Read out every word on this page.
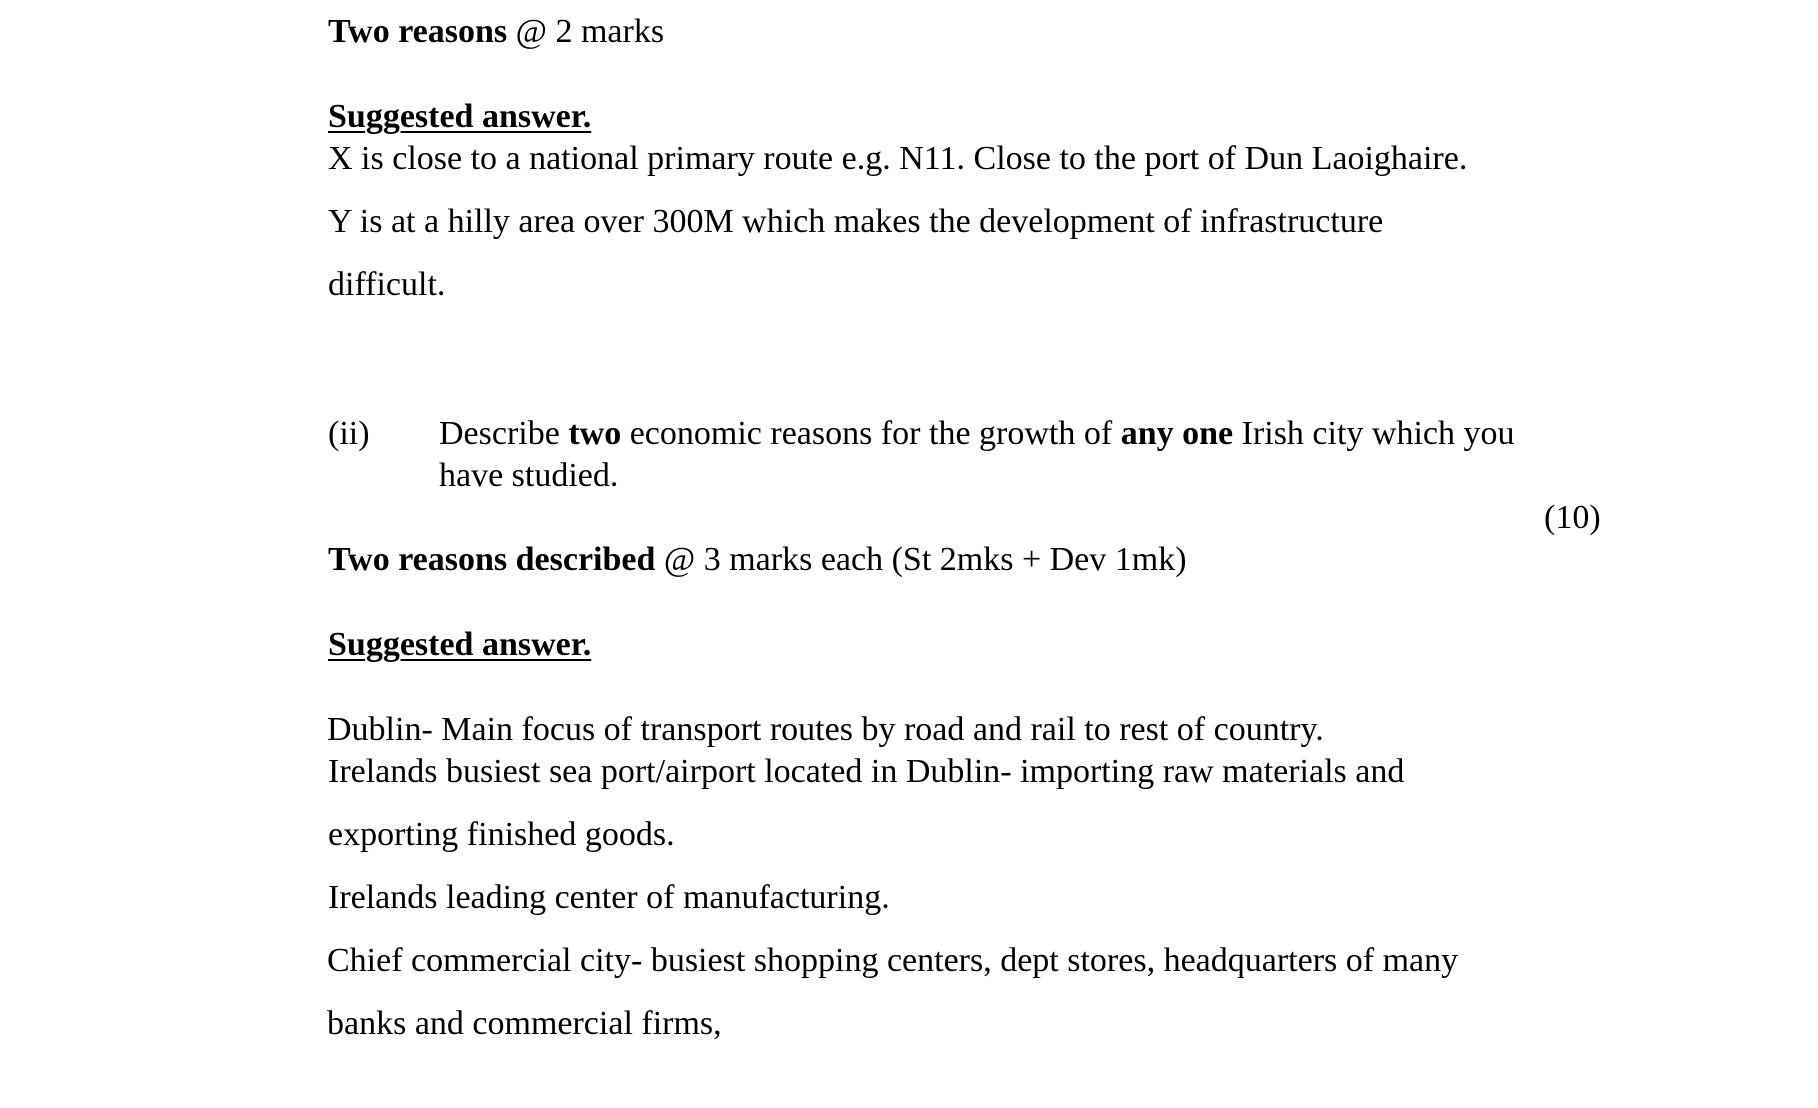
Two reasons @ 2 marks
Suggested answer.
X is close to a national primary route e.g. N11. Close to the port of Dun Laoighaire.
Y is at a hilly area over 300M which makes the development of infrastructure
difficult.
(ii) Describe two economic reasons for the growth of any one Irish city which you
have studied.
(10)
Two reasons described @ 3 marks each (St 2mks + Dev 1mk)
Suggested answer.
Dublin- Main focus of transport routes by road and rail to rest of country.
Irelands busiest sea port/airport located in Dublin- importing raw materials and
exporting finished goods.
Irelands leading center of manufacturing.
Chief commercial city- busiest shopping centers, dept stores, headquarters of many
banks and commercial firms,
